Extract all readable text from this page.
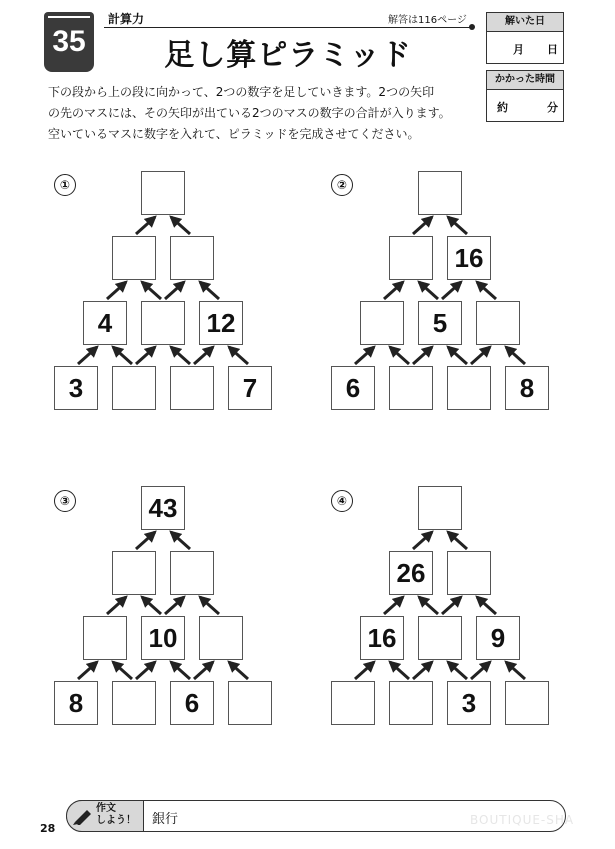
35
計算力	解答は116ページ
足し算ピラミッド
解いた日
月 日
かかった時間
約	分
下の段から上の段に向かって、2つの数字を足していきます。2つの矢印
の先のマスには、その矢印が出ている2つのマスの数字の合計が入ります。
空いているマスに数字を入れて、ピラミッドを完成させてください。
①
3	7
4	12
②
6	8
5
16
③
8	6
10
43	④
3
16	9
26
作文
しよう！ 銀行
28
BOUTIQUE-SHA
